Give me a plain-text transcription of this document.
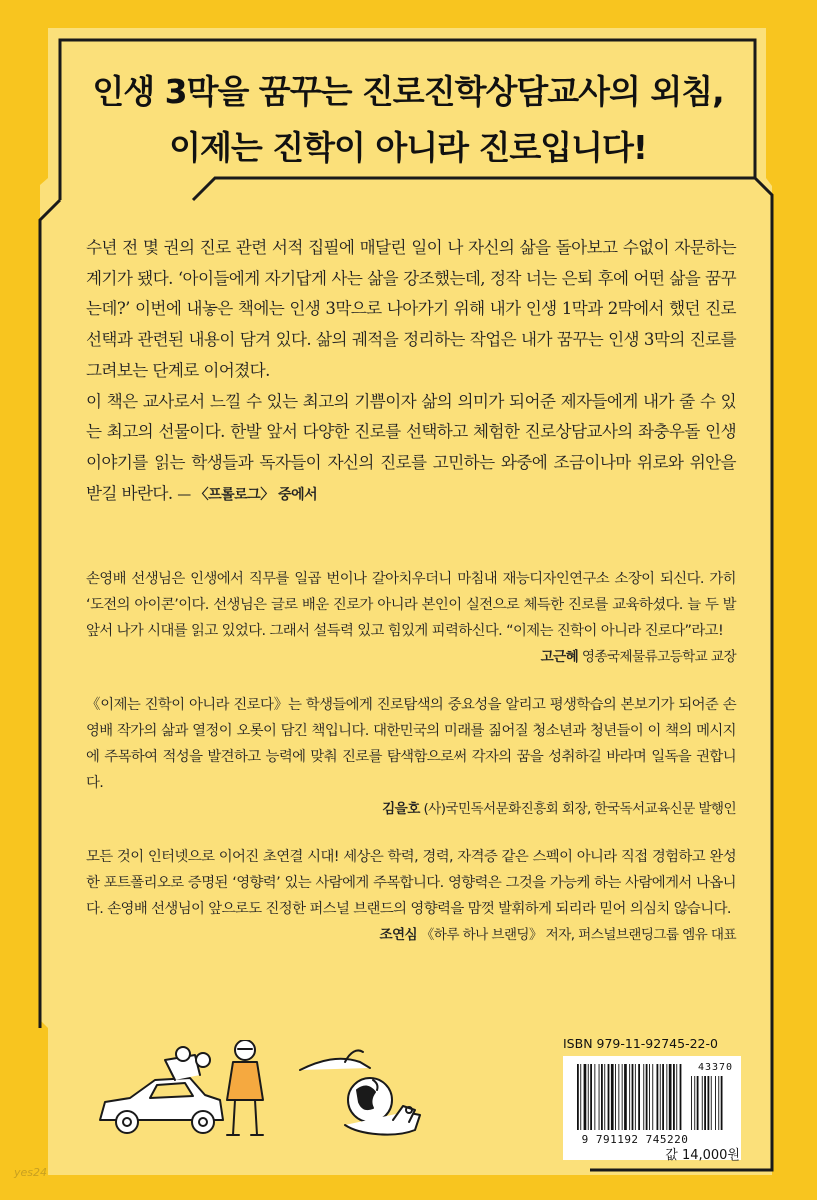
인생 3막을 꿈꾸는 진로진학상담교사의 외침,
이제는 진학이 아니라 진로입니다!

수년 전 몇 권의 진로 관련 서적 집필에 매달린 일이 나 자신의 삶을 돌아보고 수없이 자문하는 계기가 됐다. ‘아이들에게 자기답게 사는 삶을 강조했는데, 정작 너는 은퇴 후에 어떤 삶을 꿈꾸는데?’ 이번에 내놓은 책에는 인생 3막으로 나아가기 위해 내가 인생 1막과 2막에서 했던 진로 선택과 관련된 내용이 담겨 있다. 삶의 궤적을 정리하는 작업은 내가 꿈꾸는 인생 3막의 진로를 그려보는 단계로 이어졌다.

이 책은 교사로서 느낄 수 있는 최고의 기쁨이자 삶의 의미가 되어준 제자들에게 내가 줄 수 있는 최고의 선물이다. 한발 앞서 다양한 진로를 선택하고 체험한 진로상담교사의 좌충우돌 인생 이야기를 읽는 학생들과 독자들이 자신의 진로를 고민하는 와중에 조금이나마 위로와 위안을 받길 바란다. — 〈프롤로그〉 중에서

손영배 선생님은 인생에서 직무를 일곱 번이나 갈아치우더니 마침내 재능디자인연구소 소장이 되신다. 가히 ‘도전의 아이콘’이다. 선생님은 글로 배운 진로가 아니라 본인이 실전으로 체득한 진로를 교육하셨다. 늘 두 발 앞서 나가 시대를 읽고 있었다. 그래서 설득력 있고 힘있게 피력하신다. “이제는 진학이 아니라 진로다”라고!

고근혜 영종국제물류고등학교 교장

《이제는 진학이 아니라 진로다》는 학생들에게 진로탐색의 중요성을 알리고 평생학습의 본보기가 되어준 손영배 작가의 삶과 열정이 오롯이 담긴 책입니다. 대한민국의 미래를 짊어질 청소년과 청년들이 이 책의 메시지에 주목하여 적성을 발견하고 능력에 맞춰 진로를 탐색함으로써 각자의 꿈을 성취하길 바라며 일독을 권합니다.

김을호 (사)국민독서문화진흥회 회장, 한국독서교육신문 발행인

모든 것이 인터넷으로 이어진 초연결 시대! 세상은 학력, 경력, 자격증 같은 스펙이 아니라 직접 경험하고 완성한 포트폴리오로 증명된 ‘영향력’ 있는 사람에게 주목합니다. 영향력은 그것을 가능케 하는 사람에게서 나옵니다. 손영배 선생님이 앞으로도 진정한 퍼스널 브랜드의 영향력을 맘껏 발휘하게 되리라 믿어 의심치 않습니다.

조연심 《하루 하나 브랜딩》 저자, 퍼스널브랜딩그룹 엠유 대표
ISBN 979-11-92745-22-0
43370
9 791192 745220
값 14,000원
yes24
